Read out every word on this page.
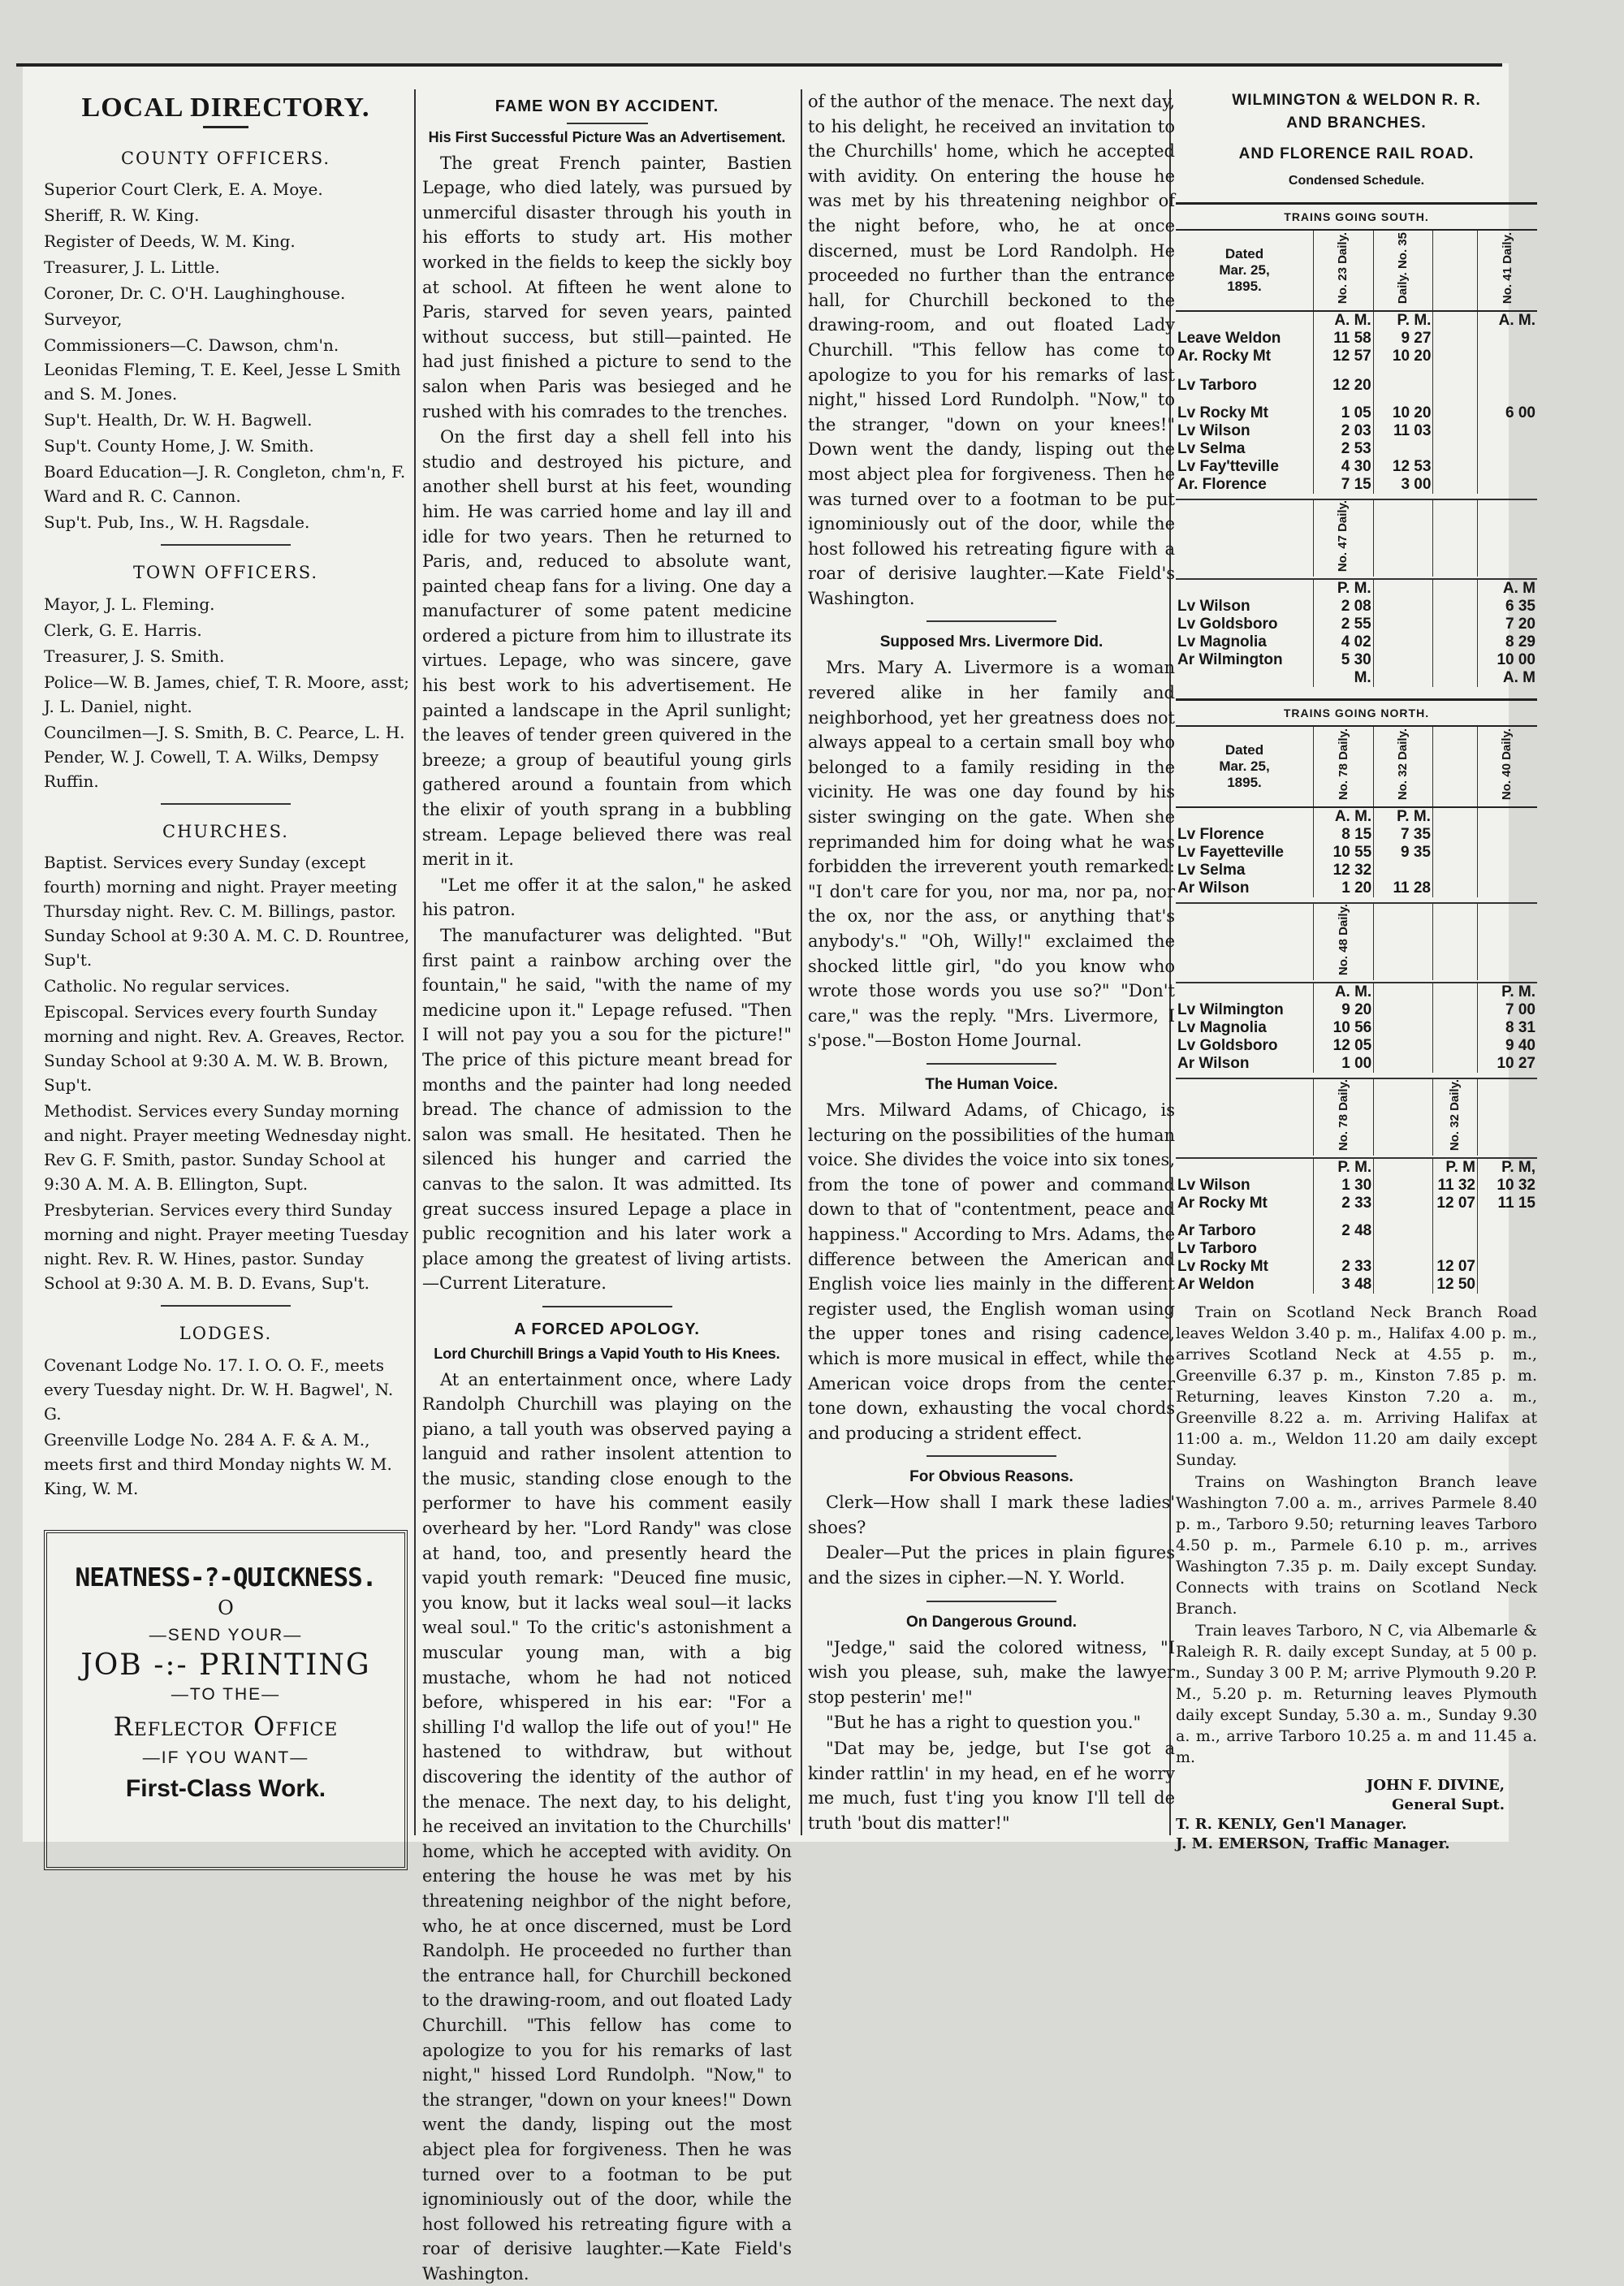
LOCAL DIRECTORY.
COUNTY OFFICERS.

Superior Court Clerk, E. A. Moye.

Sheriff, R. W. King.

Register of Deeds, W. M. King.

Treasurer, J. L. Little.

Coroner, Dr. C. O'H. Laughinghouse.

Surveyor,

Commissioners—C. Dawson, chm'n. Leonidas Fleming, T. E. Keel, Jesse L Smith and S. M. Jones.

Sup't. Health, Dr. W. H. Bagwell.

Sup't. County Home, J. W. Smith.

Board Education—J. R. Congleton, chm'n, F. Ward and R. C. Cannon.

Sup't. Pub, Ins., W. H. Ragsdale.

TOWN OFFICERS.

Mayor, J. L. Fleming.

Clerk, G. E. Harris.

Treasurer, J. S. Smith.

Police—W. B. James, chief, T. R. Moore, asst; J. L. Daniel, night.

Councilmen—J. S. Smith, B. C. Pearce, L. H. Pender, W. J. Cowell, T. A. Wilks, Dempsy Ruffin.

CHURCHES.

Baptist. Services every Sunday (except fourth) morning and night. Prayer meeting Thursday night. Rev. C. M. Billings, pastor. Sunday School at 9:30 A. M. C. D. Rountree, Sup't.

Catholic. No regular services.

Episcopal. Services every fourth Sunday morning and night. Rev. A. Greaves, Rector. Sunday School at 9:30 A. M. W. B. Brown, Sup't.

Methodist. Services every Sunday morning and night. Prayer meeting Wednesday night. Rev G. F. Smith, pastor. Sunday School at 9:30 A. M. A. B. Ellington, Supt.

Presbyterian. Services every third Sunday morning and night. Prayer meeting Tuesday night. Rev. R. W. Hines, pastor. Sunday School at 9:30 A. M. B. D. Evans, Sup't.

LODGES.

Covenant Lodge No. 17. I. O. O. F., meets every Tuesday night. Dr. W. H. Bagwel', N. G.

Greenville Lodge No. 284 A. F. & A. M., meets first and third Monday nights W. M. King, W. M.

NEATNESS-?-QUICKNESS.
O
—SEND YOUR—
JOB -:- PRINTING
—TO THE—
Reflector Office
—IF YOU WANT—
First-Class Work.
FAME WON BY ACCIDENT.
His First Successful Picture Was an Advertisement.

The great French painter, Bastien Lepage, who died lately, was pursued by unmerciful disaster through his youth in his efforts to study art. His mother worked in the fields to keep the sickly boy at school. At fifteen he went alone to Paris, starved for seven years, painted without success, but still—painted. He had just finished a picture to send to the salon when Paris was besieged and he rushed with his comrades to the trenches.

On the first day a shell fell into his studio and destroyed his picture, and another shell burst at his feet, wounding him. He was carried home and lay ill and idle for two years. Then he returned to Paris, and, reduced to absolute want, painted cheap fans for a living. One day a manufacturer of some patent medicine ordered a picture from him to illustrate its virtues. Lepage, who was sincere, gave his best work to his advertisement. He painted a landscape in the April sunlight; the leaves of tender green quivered in the breeze; a group of beautiful young girls gathered around a fountain from which the elixir of youth sprang in a bubbling stream. Lepage believed there was real merit in it.

"Let me offer it at the salon," he asked his patron.

The manufacturer was delighted. "But first paint a rainbow arching over the fountain," he said, "with the name of my medicine upon it." Lepage refused. "Then I will not pay you a sou for the picture!" The price of this picture meant bread for months and the painter had long needed bread. The chance of admission to the salon was small. He hesitated. Then he silenced his hunger and carried the canvas to the salon. It was admitted. Its great success insured Lepage a place in public recognition and his later work a place among the greatest of living artists.—Current Literature.

A FORCED APOLOGY.
Lord Churchill Brings a Vapid Youth to His Knees.

At an entertainment once, where Lady Randolph Churchill was playing on the piano, a tall youth was observed paying a languid and rather insolent attention to the music, standing close enough to the performer to have his comment easily overheard by her. "Lord Randy" was close at hand, too, and presently heard the vapid youth remark: "Deuced fine music, you know, but it lacks weal soul—it lacks weal soul." To the critic's astonishment a muscular young man, with a big mustache, whom he had not noticed before, whispered in his ear: "For a shilling I'd wallop the life out of you!" He hastened to withdraw, but without discovering the identity of the author of the menace. The next day, to his delight, he received an invitation to the Churchills' home, which he accepted with avidity. On entering the house he was met by his threatening neighbor of the night before, who, he at once discerned, must be Lord Randolph. He proceeded no further than the entrance hall, for Churchill beckoned to the drawing-room, and out floated Lady Churchill. "This fellow has come to apologize to you for his remarks of last night," hissed Lord Rundolph. "Now," to the stranger, "down on your knees!" Down went the dandy, lisping out the most abject plea for forgiveness. Then he was turned over to a footman to be put ignominiously out of the door, while the host followed his retreating figure with a roar of derisive laughter.—Kate Field's Washington.

of the author of the menace. The next day, to his delight, he received an invitation to the Churchills' home, which he accepted with avidity. On entering the house he was met by his threatening neighbor of the night before, who, he at once discerned, must be Lord Randolph. He proceeded no further than the entrance hall, for Churchill beckoned to the drawing-room, and out floated Lady Churchill. "This fellow has come to apologize to you for his remarks of last night," hissed Lord Rundolph. "Now," to the stranger, "down on your knees!" Down went the dandy, lisping out the most abject plea for forgiveness. Then he was turned over to a footman to be put ignominiously out of the door, while the host followed his retreating figure with a roar of derisive laughter.—Kate Field's Washington.

Supposed Mrs. Livermore Did.

Mrs. Mary A. Livermore is a woman revered alike in her family and neighborhood, yet her greatness does not always appeal to a certain small boy who belonged to a family residing in the vicinity. He was one day found by his sister swinging on the gate. When she reprimanded him for doing what he was forbidden the irreverent youth remarked: "I don't care for you, nor ma, nor pa, nor the ox, nor the ass, or anything that's anybody's." "Oh, Willy!" exclaimed the shocked little girl, "do you know who wrote those words you use so?" "Don't care," was the reply. "Mrs. Livermore, I s'pose."—Boston Home Journal.

The Human Voice.

Mrs. Milward Adams, of Chicago, is lecturing on the possibilities of the human voice. She divides the voice into six tones, from the tone of power and command down to that of "contentment, peace and happiness." According to Mrs. Adams, the difference between the American and English voice lies mainly in the different register used, the English woman using the upper tones and rising cadence, which is more musical in effect, while the American voice drops from the center tone down, exhausting the vocal chords and producing a strident effect.

For Obvious Reasons.

Clerk—How shall I mark these ladies' shoes?

Dealer—Put the prices in plain figures and the sizes in cipher.—N. Y. World.

On Dangerous Ground.

"Jedge," said the colored witness, "I wish you please, suh, make the lawyer stop pesterin' me!"

"But he has a right to question you."

"Dat may be, jedge, but I'se got a kinder rattlin' in my head, en ef he worry me much, fust t'ing you know I'll tell de truth 'bout dis matter!"

WILMINGTON & WELDON R. R.
AND BRANCHES.
AND FLORENCE RAIL ROAD.
Condensed Schedule.
TRAINS GOING SOUTH.				

Dated
Mar. 25,
1895.	No. 23 Daily.	Daily. No. 35		No. 41 Daily.
	A. M.	P. M.		A. M.
Leave Weldon	11 58	9 27		
Ar. Rocky Mt	12 57	10 20		
Lv Tarboro	12 20			
Lv Rocky Mt	1 05	10 20		6 00
Lv Wilson	2 03	11 03		
Lv Selma	2 53			
Lv Fay'tteville	4 30	12 53		
Ar. Florence	7 15	3 00		

	No. 47 Daily.			

	P. M.			A. M
Lv Wilson	2 08			6 35
Lv Goldsboro	2 55			7 20
Lv Magnolia	4 02			8 29
Ar Wilmington	5 30			10 00
	M.			A. M
TRAINS GOING NORTH.				

Dated
Mar. 25,
1895.	No. 78 Daily.	No. 32 Daily.		No. 40 Daily.
	A. M.	P. M.		
Lv Florence	8 15	7 35		
Lv Fayetteville	10 55	9 35		
Lv Selma	12 32			
Ar Wilson	1 20	11 28		

	No. 48 Daily.			

	A. M.			P. M.
Lv Wilmington	9 20			7 00
Lv Magnolia	10 56			8 31
Lv Goldsboro	12 05			9 40
Ar Wilson	1 00			10 27

	No. 78 Daily.		No. 32 Daily.	

	P. M.		P. M	P. M,
Lv Wilson	1 30		11 32	10 32
Ar Rocky Mt	2 33		12 07	11 15
Ar Tarboro	2 48			
Lv Tarboro				
Lv Rocky Mt	2 33		12 07	
Ar Weldon	3 48		12 50	

Train on Scotland Neck Branch Road leaves Weldon 3.40 p. m., Halifax 4.00 p. m., arrives Scotland Neck at 4.55 p. m., Greenville 6.37 p. m., Kinston 7.85 p. m. Returning, leaves Kinston 7.20 a. m., Greenville 8.22 a. m. Arriving Halifax at 11:00 a. m., Weldon 11.20 am daily except Sunday.

Trains on Washington Branch leave Washington 7.00 a. m., arrives Parmele 8.40 p. m., Tarboro 9.50; returning leaves Tarboro 4.50 p. m., Parmele 6.10 p. m., arrives Washington 7.35 p. m. Daily except Sunday. Connects with trains on Scotland Neck Branch.

Train leaves Tarboro, N C, via Albemarle & Raleigh R. R. daily except Sunday, at 5 00 p. m., Sunday 3 00 P. M; arrive Plymouth 9.20 P. M., 5.20 p. m. Returning leaves Plymouth daily except Sunday, 5.30 a. m., Sunday 9.30 a. m., arrive Tarboro 10.25 a. m and 11.45 a. m.

JOHN F. DIVINE,
General Supt.
T. R. KENLY, Gen'l Manager.
J. M. EMERSON, Traffic Manager.
